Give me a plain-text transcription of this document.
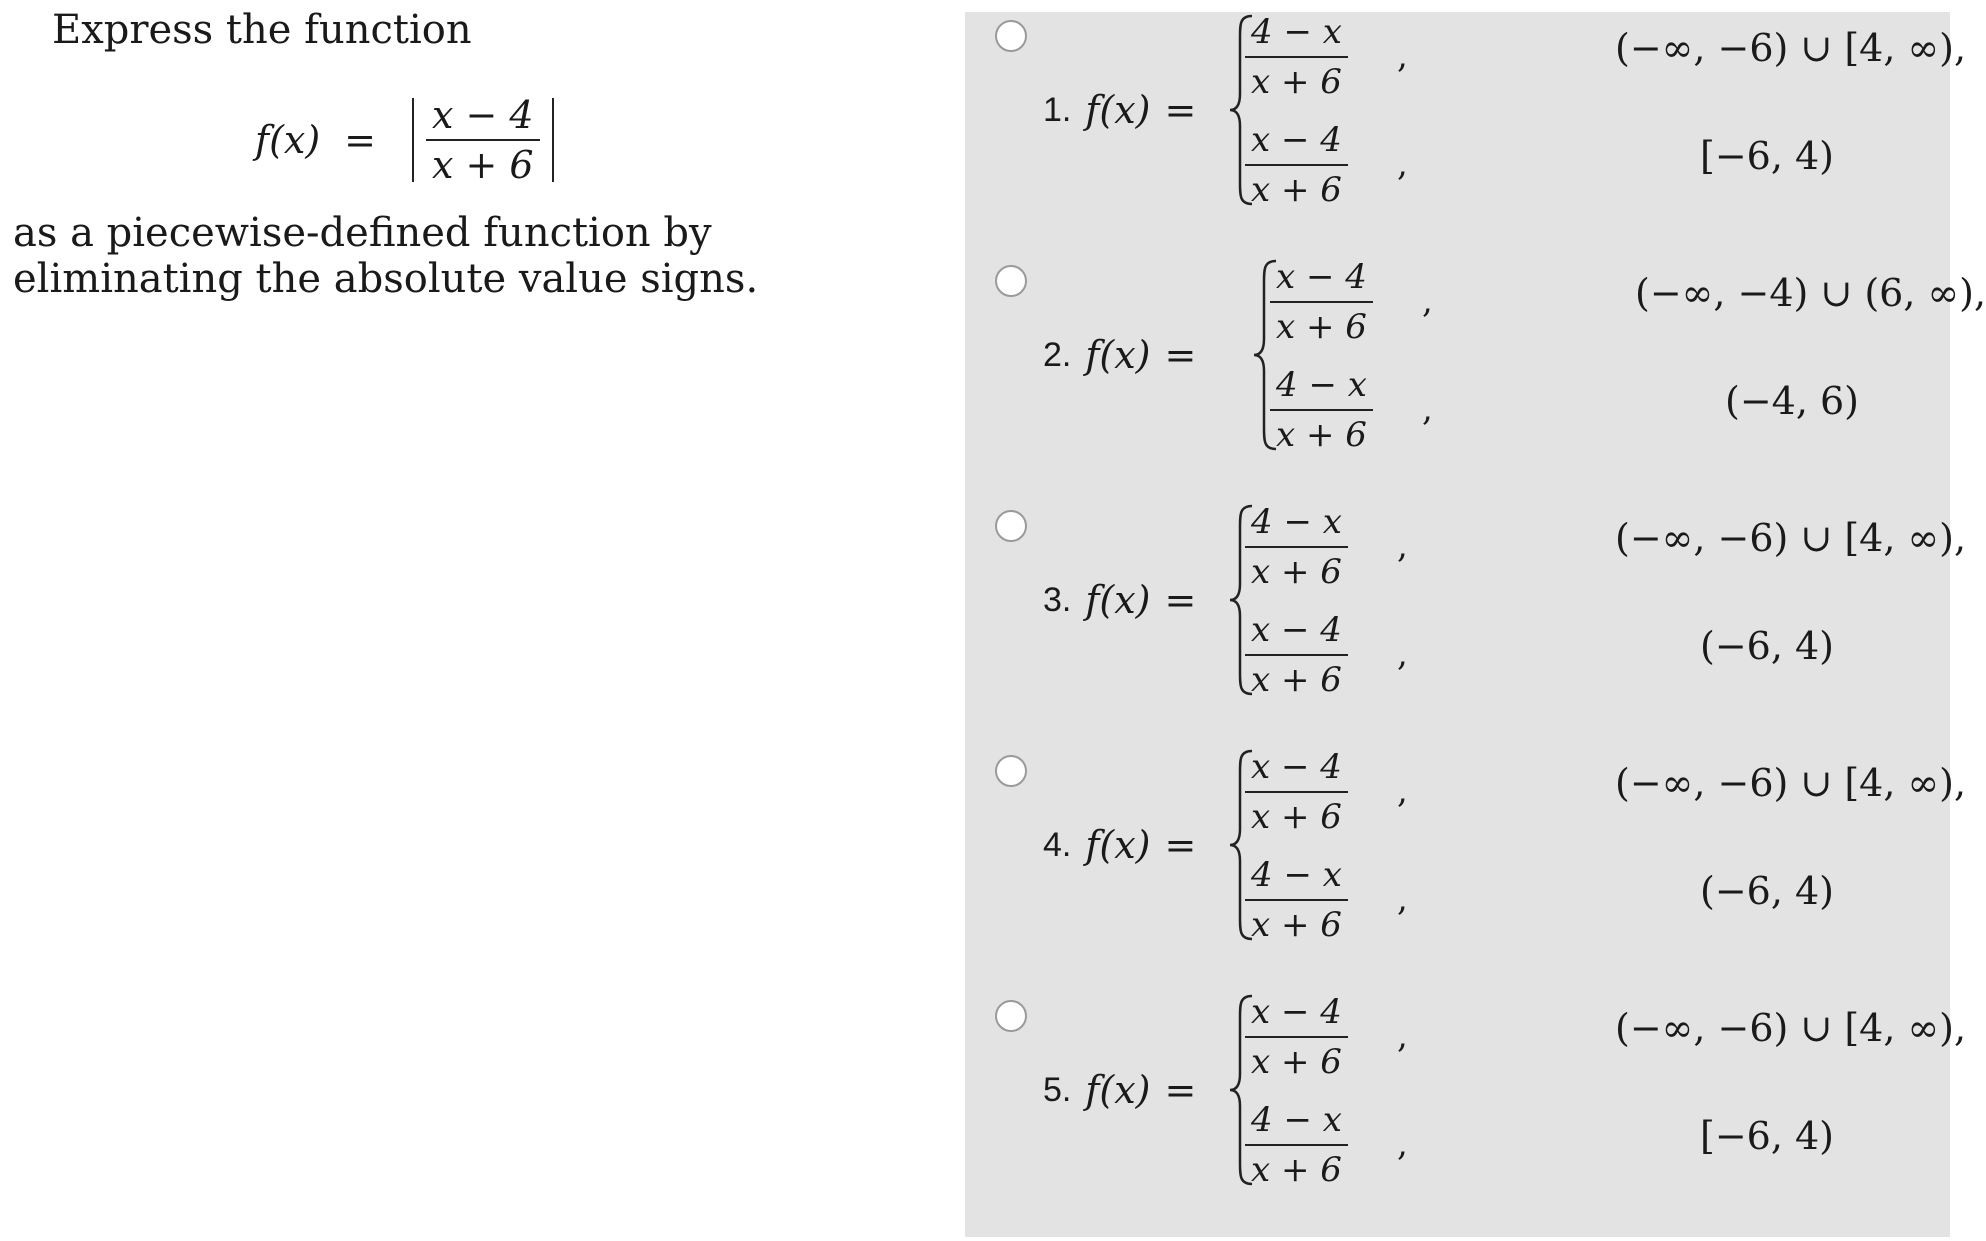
Express the function
$f(x) = \frac{x - 4}{x + 6}$
as a piecewise-defined function by eliminating the absolute value signs.
1. f(x) =
4 − x
x + 6
,	(−∞, −6) ∪ [4, ∞),
x − 4
x + 6
,	[−6, 4)
2. f(x) =
x − 4
x + 6
,	(−∞, −4) ∪ (6, ∞),
4 − x
x + 6
,	(−4, 6)
3. f(x) =
4 − x
x + 6
,	(−∞, −6) ∪ [4, ∞),
x − 4
x + 6
,	(−6, 4)
4. f(x) =
x − 4
x + 6
,	(−∞, −6) ∪ [4, ∞),
4 − x
x + 6
,	(−6, 4)
5. f(x) =
x − 4
x + 6
,	(−∞, −6) ∪ [4, ∞),
4 − x
x + 6
,	[−6, 4)
